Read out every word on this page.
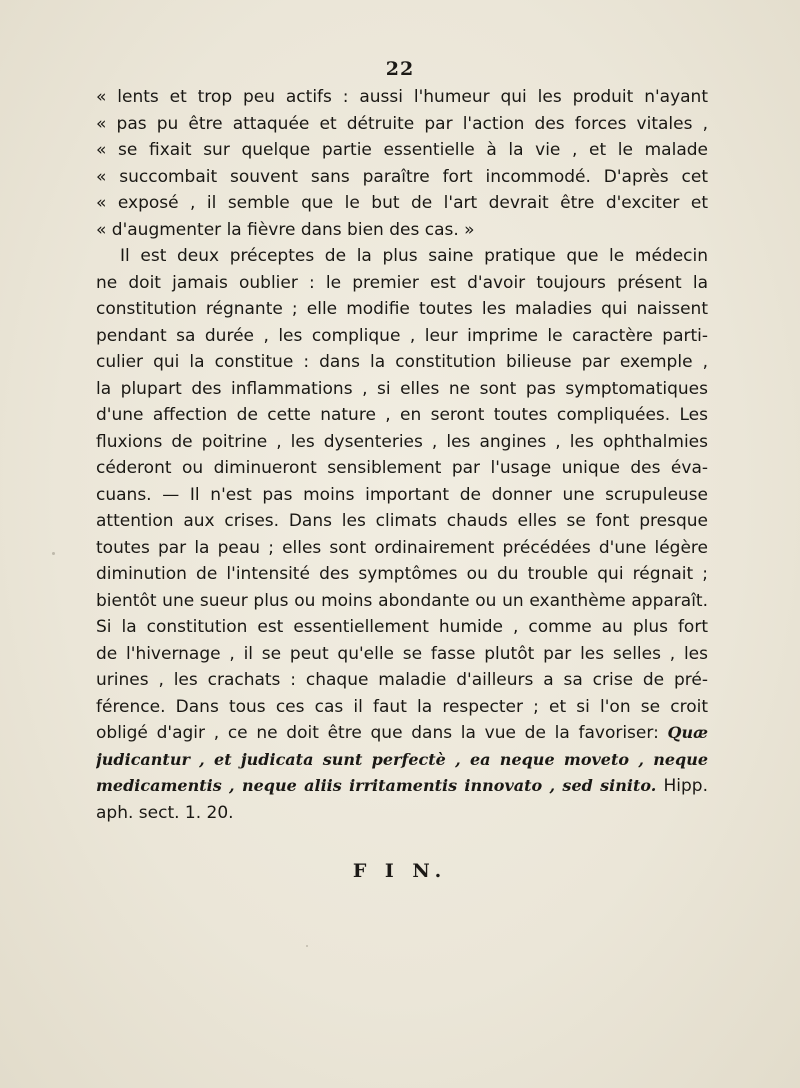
22
« lents et trop peu actifs : aussi l'humeur qui les produit n'ayant
« pas pu être attaquée et détruite par l'action des forces vitales ,
« se fixait sur quelque partie essentielle à la vie , et le malade
« succombait souvent sans paraître fort incommodé. D'après cet
« exposé , il semble que le but de l'art devrait être d'exciter et
« d'augmenter la fièvre dans bien des cas. »
Il est deux préceptes de la plus saine pratique que le médecin
ne doit jamais oublier : le premier est d'avoir toujours présent la
constitution régnante ; elle modifie toutes les maladies qui naissent
pendant sa durée , les complique , leur imprime le caractère parti-
culier qui la constitue : dans la constitution bilieuse par exemple ,
la plupart des inflammations , si elles ne sont pas symptomatiques
d'une affection de cette nature , en seront toutes compliquées. Les
fluxions de poitrine , les dysenteries , les angines , les ophthalmies
céderont ou diminueront sensiblement par l'usage unique des éva-
cuans. — Il n'est pas moins important de donner une scrupuleuse
attention aux crises. Dans les climats chauds elles se font presque
toutes par la peau ; elles sont ordinairement précédées d'une légère
diminution de l'intensité des symptômes ou du trouble qui régnait ;
bientôt une sueur plus ou moins abondante ou un exanthème apparaît.
Si la constitution est essentiellement humide , comme au plus fort
de l'hivernage , il se peut qu'elle se fasse plutôt par les selles , les
urines , les crachats : chaque maladie d'ailleurs a sa crise de pré-
férence. Dans tous ces cas il faut la respecter ; et si l'on se croit
obligé d'agir , ce ne doit être que dans la vue de la favoriser: Quæ
judicantur , et judicata sunt perfectè , ea neque moveto , neque
medicamentis , neque aliis irritamentis innovato , sed sinito. Hipp.
aph. sect. 1. 20.
F I N.
